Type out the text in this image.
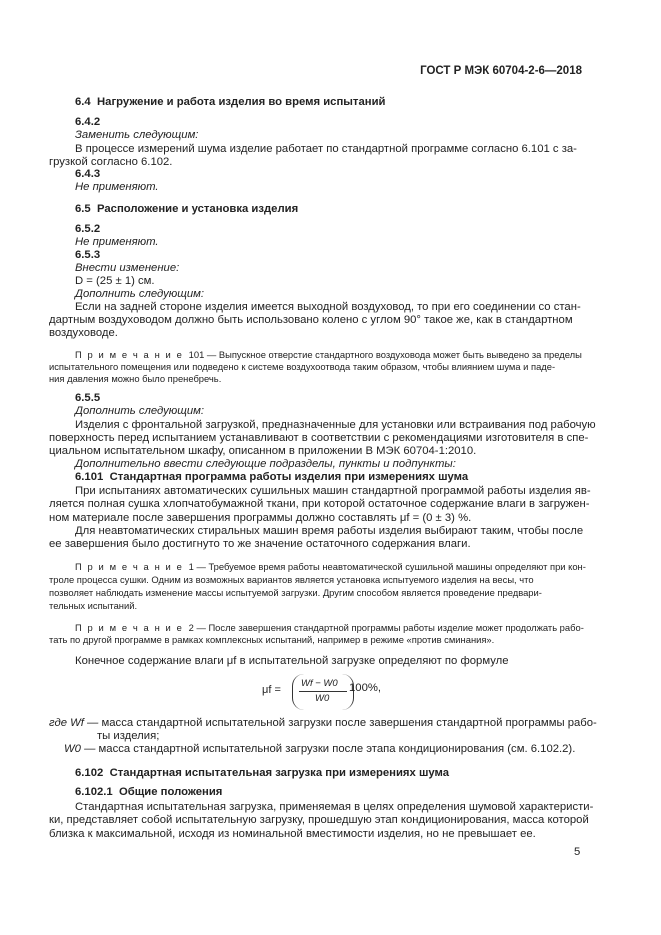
ГОСТ Р МЭК 60704-2-6—2018
6.4 Нагружение и работа изделия во время испытаний
6.4.2
Заменить следующим:
В процессе измерений шума изделие работает по стандартной программе согласно 6.101 с за-
грузкой согласно 6.102.
6.4.3
Не применяют.
6.5 Расположение и установка изделия
6.5.2
Не применяют.
6.5.3
Внести изменение:
D = (25 ± 1) см.
Дополнить следующим:
Если на задней стороне изделия имеется выходной воздуховод, то при его соединении со стан-
дартным воздуховодом должно быть использовано колено с углом 90° такое же, как в стандартном
воздуховоде.
П р и м е ч а н и е 101 — Выпускное отверстие стандартного воздуховода может быть выведено за пределы
испытательного помещения или подведено к системе воздухоотвода таким образом, чтобы влиянием шума и паде-
ния давления можно было пренебречь.
6.5.5
Дополнить следующим:
Изделия с фронтальной загрузкой, предназначенные для установки или встраивания под рабочую
поверхность перед испытанием устанавливают в соответствии с рекомендациями изготовителя в спе-
циальном испытательном шкафу, описанном в приложении B МЭК 60704-1:2010.
Дополнительно ввести следующие подразделы, пункты и подпункты:
6.101 Стандартная программа работы изделия при измерениях шума
При испытаниях автоматических сушильных машин стандартной программой работы изделия яв-
ляется полная сушка хлопчатобумажной ткани, при которой остаточное содержание влаги в загружен-
ном материале после завершения программы должно составлять μf = (0 ± 3) %.
Для неавтоматических стиральных машин время работы изделия выбирают таким, чтобы после
ее завершения было достигнуто то же значение остаточного содержания влаги.
П р и м е ч а н и е 1 — Требуемое время работы неавтоматической сушильной машины определяют при кон-
троле процесса сушки. Одним из возможных вариантов является установка испытуемого изделия на весы, что
позволяет наблюдать изменение массы испытуемой загрузки. Другим способом является проведение предвари-
тельных испытаний.
П р и м е ч а н и е 2 — После завершения стандартной программы работы изделие может продолжать рабо-
тать по другой программе в рамках комплексных испытаний, например в режиме «против сминания».
Конечное содержание влаги μf в испытательной загрузке определяют по формуле
μf =
Wf − W0
W0
100%,
где Wf — масса стандартной испытательной загрузки после завершения стандартной программы рабо-
ты изделия;
W0 — масса стандартной испытательной загрузки после этапа кондиционирования (см. 6.102.2).
6.102 Стандартная испытательная загрузка при измерениях шума
6.102.1 Общие положения
Стандартная испытательная загрузка, применяемая в целях определения шумовой характеристи-
ки, представляет собой испытательную загрузку, прошедшую этап кондиционирования, масса которой
близка к максимальной, исходя из номинальной вместимости изделия, но не превышает ее.
5
